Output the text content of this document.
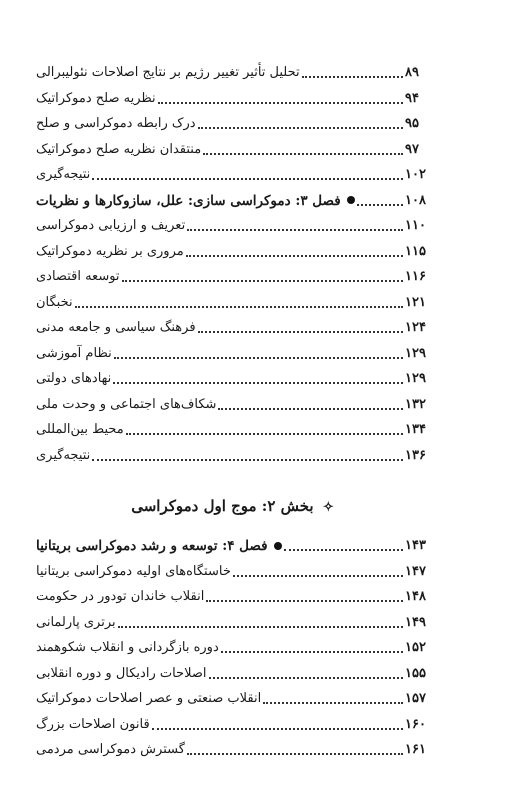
تحلیل تأثیر تغییر رژیم بر نتایج اصلاحات نئولیبرالی	۸۹
نظریه صلح دموکراتیک	۹۴
درک رابطه دموکراسی و صلح	۹۵
منتقدان نظریه صلح دموکراتیک	۹۷
نتیجه‌گیری	۱۰۲
فصل ۳: دموکراسی سازی: علل، سازوکارها و نظریات	۱۰۸
تعریف و ارزیابی دموکراسی	۱۱۰
مروری بر نظریه دموکراتیک	۱۱۵
توسعه اقتصادی	۱۱۶
نخبگان	۱۲۱
فرهنگ سیاسی و جامعه مدنی	۱۲۴
نظام آموزشی	۱۲۹
نهادهای دولتی	۱۲۹
شکاف‌های اجتماعی و وحدت ملی	۱۳۲
محیط بین‌المللی	۱۳۴
نتیجه‌گیری	۱۳۶
✧ بخش ۲: موج اول دموکراسی
فصل ۴: توسعه و رشد دموکراسی بریتانیا	۱۴۳
خاستگاه‌های اولیه دموکراسی بریتانیا	۱۴۷
انقلاب خاندان تودور در حکومت	۱۴۸
برتری پارلمانی	۱۴۹
دوره بازگردانی و انقلاب شکوهمند	۱۵۲
اصلاحات رادیکال و دوره انقلابی	۱۵۵
انقلاب صنعتی و عصر اصلاحات دموکراتیک	۱۵۷
قانون اصلاحات بزرگ	۱۶۰
گسترش دموکراسی مردمی	۱۶۱
